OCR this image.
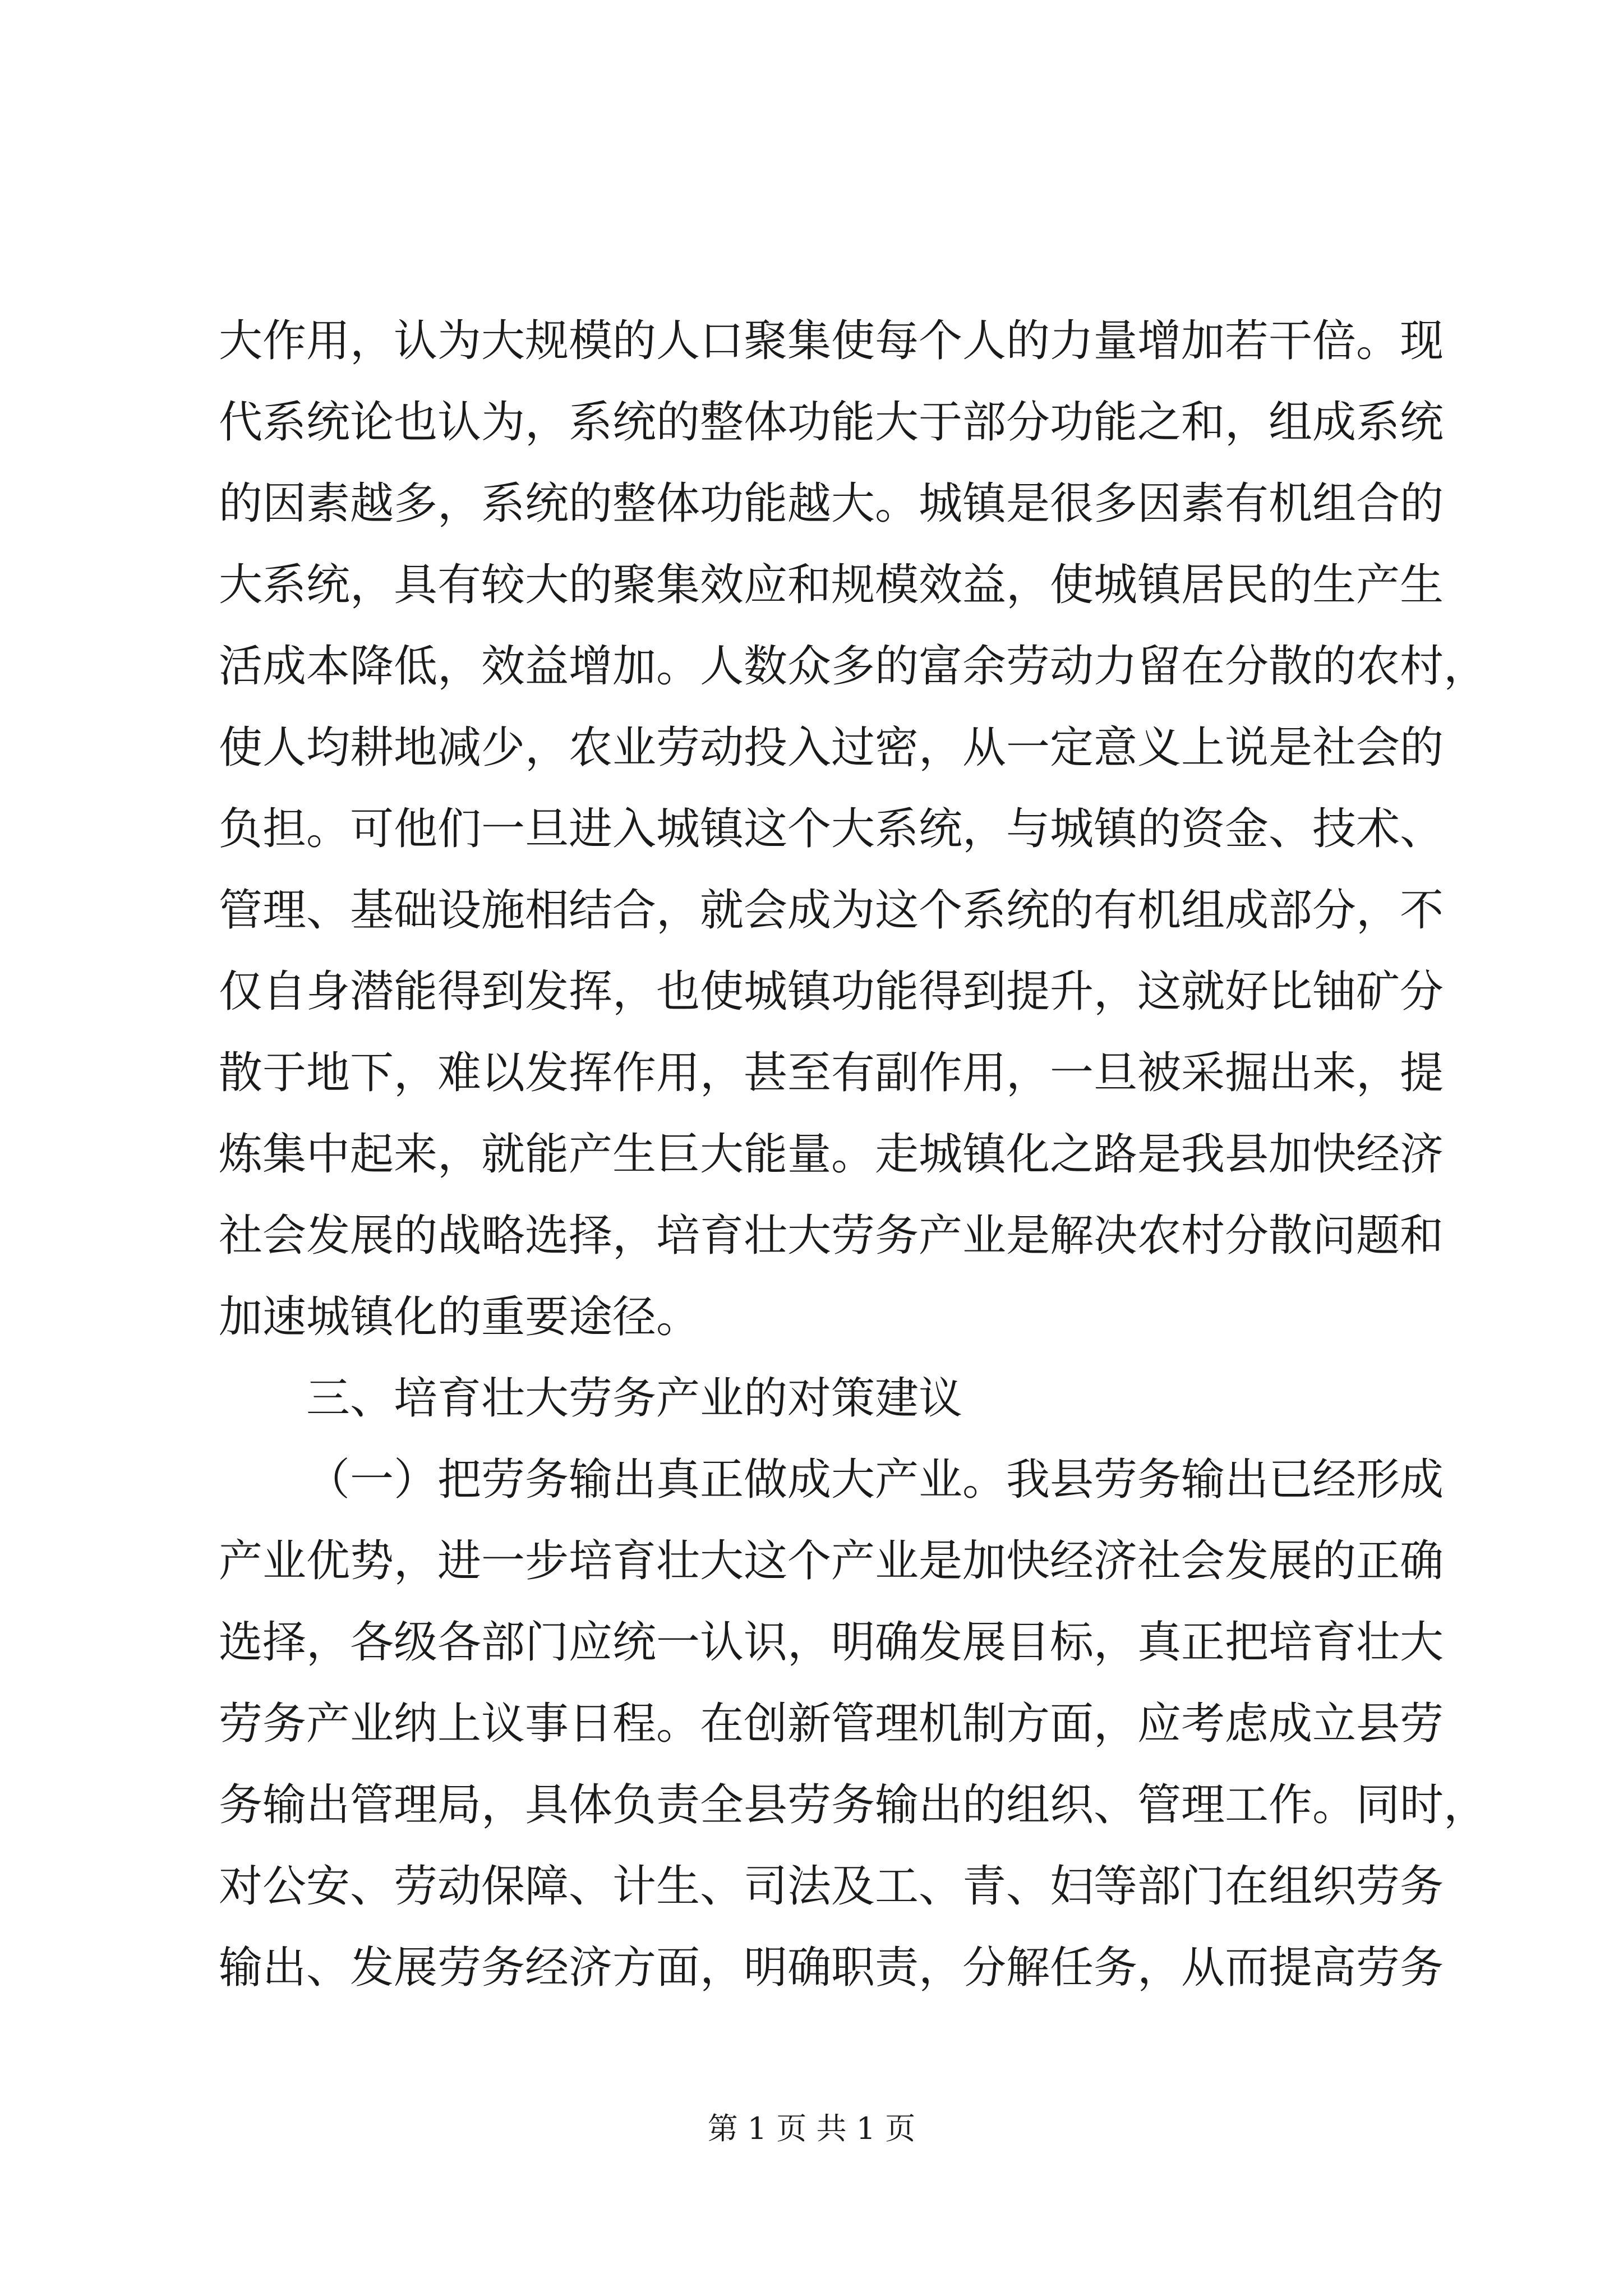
大作用，认为大规模的人口聚集使每个人的力量增加若干倍。现
代系统论也认为，系统的整体功能大于部分功能之和，组成系统
的因素越多，系统的整体功能越大。城镇是很多因素有机组合的
大系统，具有较大的聚集效应和规模效益，使城镇居民的生产生
活成本降低，效益增加。人数众多的富余劳动力留在分散的农村，
使人均耕地减少，农业劳动投入过密，从一定意义上说是社会的
负担。可他们一旦进入城镇这个大系统，与城镇的资金、技术、
管理、基础设施相结合，就会成为这个系统的有机组成部分，不
仅自身潜能得到发挥，也使城镇功能得到提升，这就好比铀矿分
散于地下，难以发挥作用，甚至有副作用，一旦被采掘出来，提
炼集中起来，就能产生巨大能量。走城镇化之路是我县加快经济
社会发展的战略选择，培育壮大劳务产业是解决农村分散问题和
加速城镇化的重要途径。
三、培育壮大劳务产业的对策建议
（一）把劳务输出真正做成大产业。我县劳务输出已经形成
产业优势，进一步培育壮大这个产业是加快经济社会发展的正确
选择，各级各部门应统一认识，明确发展目标，真正把培育壮大
劳务产业纳上议事日程。在创新管理机制方面，应考虑成立县劳
务输出管理局，具体负责全县劳务输出的组织、管理工作。同时，
对公安、劳动保障、计生、司法及工、青、妇等部门在组织劳务
输出、发展劳务经济方面，明确职责，分解任务，从而提高劳务
第 1 页 共 1 页
